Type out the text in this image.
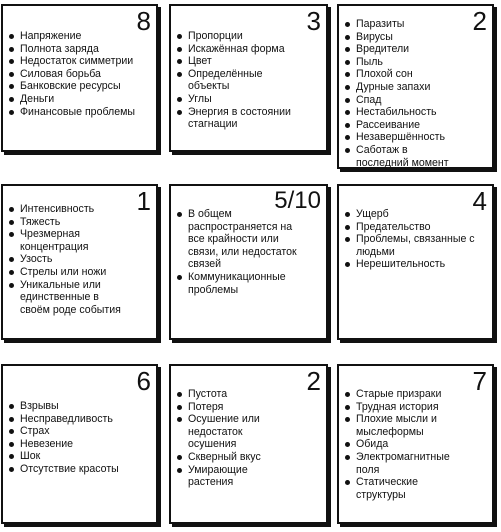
8
Напряжение
Полнота заряда
Недостаток симметрии
Силовая борьба
Банковские ресурсы
Деньги
Финансовые проблемы
3
Пропорции
Искажённая форма
Цвет
Определённые объекты
Углы
Энергия в состоянии стагнации
2
Паразиты
Вирусы
Вредители
Пыль
Плохой сон
Дурные запахи
Спад
Нестабильность
Рассеивание
Незавершённость
Саботаж в последний момент
1
Интенсивность
Тяжесть
Чрезмерная концентрация
Узость
Стрелы или ножи
Уникальные или единственные в своём роде события
5/10
В общем распространяется на все крайности или связи, или недостаток связей
Коммуникационные проблемы
4
Ущерб
Предательство
Проблемы, связанные с людьми
Нерешительность
6
Взрывы
Несправедливость
Страх
Невезение
Шок
Отсутствие красоты
2
Пустота
Потеря
Осушение или недостаток осушения
Скверный вкус
Умирающие растения
7
Старые призраки
Трудная история
Плохие мысли и мыслеформы
Обида
Электромагнитные поля
Статические структуры
